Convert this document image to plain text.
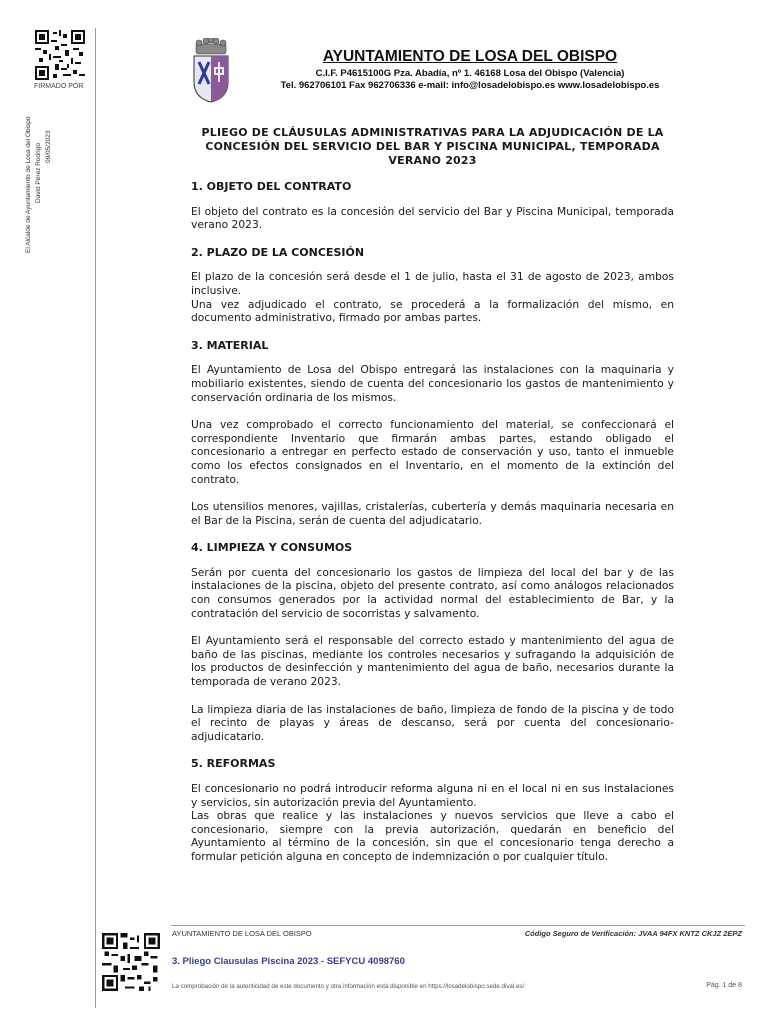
FIRMADO POR
El Alcalde de Ayuntamiento de Losa del Obispo David Pérez Rodrigo 09/05/2023
AYUNTAMIENTO DE LOSA DEL OBISPO
C.I.F. P4615100G Pza. Abadía, nº 1. 46168 Losa del Obispo (Valencia)
Tel. 962706101 Fax 962706336 e-mail: info@losadelobispo.es www.losadelobispo.es
PLIEGO DE CLÁUSULAS ADMINISTRATIVAS PARA LA ADJUDICACIÓN DE LA
CONCESIÓN DEL SERVICIO DEL BAR Y PISCINA MUNICIPAL, TEMPORADA
VERANO 2023
1. OBJETO DEL CONTRATO
El objeto del contrato es la concesión del servicio del Bar y Piscina Municipal, temporada verano 2023.
2. PLAZO DE LA CONCESIÓN
El plazo de la concesión será desde el 1 de julio, hasta el 31 de agosto de 2023, ambos inclusive.
Una vez adjudicado el contrato, se procederá a la formalización del mismo, en documento administrativo, firmado por ambas partes.
3. MATERIAL
El Ayuntamiento de Losa del Obispo entregará las instalaciones con la maquinaria y mobiliario existentes, siendo de cuenta del concesionario los gastos de mantenimiento y conservación ordinaria de los mismos.
Una vez comprobado el correcto funcionamiento del material, se confeccionará el correspondiente Inventario que firmarán ambas partes, estando obligado el concesionario a entregar en perfecto estado de conservación y uso, tanto el inmueble como los efectos consignados en el Inventario, en el momento de la extinción del contrato.
Los utensilios menores, vajillas, cristalerías, cubertería y demás maquinaria necesaria en el Bar de la Piscina, serán de cuenta del adjudicatario.
4. LIMPIEZA Y CONSUMOS
Serán por cuenta del concesionario los gastos de limpieza del local del bar y de las instalaciones de la piscina, objeto del presente contrato, así como análogos relacionados con consumos generados por la actividad normal del establecimiento de Bar, y la contratación del servicio de socorristas y salvamento.
El Ayuntamiento será el responsable del correcto estado y mantenimiento del agua de baño de las piscinas, mediante los controles necesarios y sufragando la adquisición de los productos de desinfección y mantenimiento del agua de baño, necesarios durante la temporada de verano 2023.
La limpieza diaria de las instalaciones de baño, limpieza de fondo de la piscina y de todo el recinto de playas y áreas de descanso, será por cuenta del concesionario-adjudicatario.
5. REFORMAS
El concesionario no podrá introducir reforma alguna ni en el local ni en sus instalaciones y servicios, sin autorización previa del Ayuntamiento.
Las obras que realice y las instalaciones y nuevos servicios que lleve a cabo el concesionario, siempre con la previa autorización, quedarán en beneficio del Ayuntamiento al término de la concesión, sin que el concesionario tenga derecho a formular petición alguna en concepto de indemnización o por cualquier título.
AYUNTAMIENTO DE LOSA DEL OBISPO	Código Seguro de Verificación: JVAA 94FX KNTZ CKJZ 2EPZ
3. Pliego Clausulas Piscina 2023 - SEFYCU 4098760
La comprobación de la autenticidad de este documento y otra información está disponible en https://losadelobispo.sede.dival.es/	Pág. 1 de 8
